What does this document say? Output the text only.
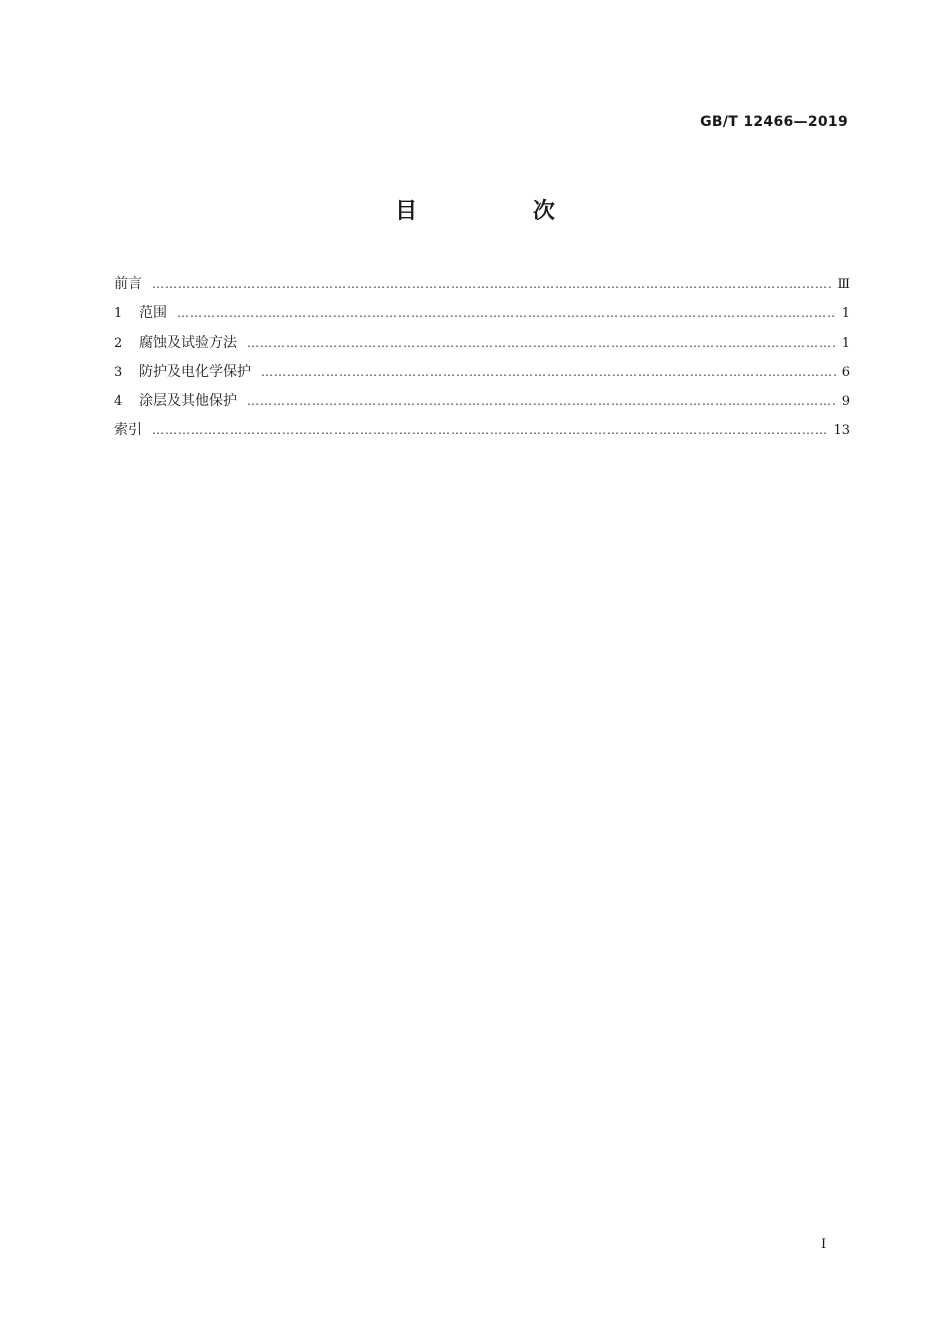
GB/T 12466—2019
目 次
前言 ……………………………………………………………………………………………………………………………………………………………………………………………………………………………………	Ⅲ
1	范围 ……………………………………………………………………………………………………………………………………………………………………………………………………………………………………	1
2	腐蚀及试验方法 ……………………………………………………………………………………………………………………………………………………………………………………………………………………………………	1
3	防护及电化学保护 ……………………………………………………………………………………………………………………………………………………………………………………………………………………………………	6
4	涂层及其他保护 ……………………………………………………………………………………………………………………………………………………………………………………………………………………………………	9
索引 ……………………………………………………………………………………………………………………………………………………………………………………………………………………………………	13
Ⅰ
